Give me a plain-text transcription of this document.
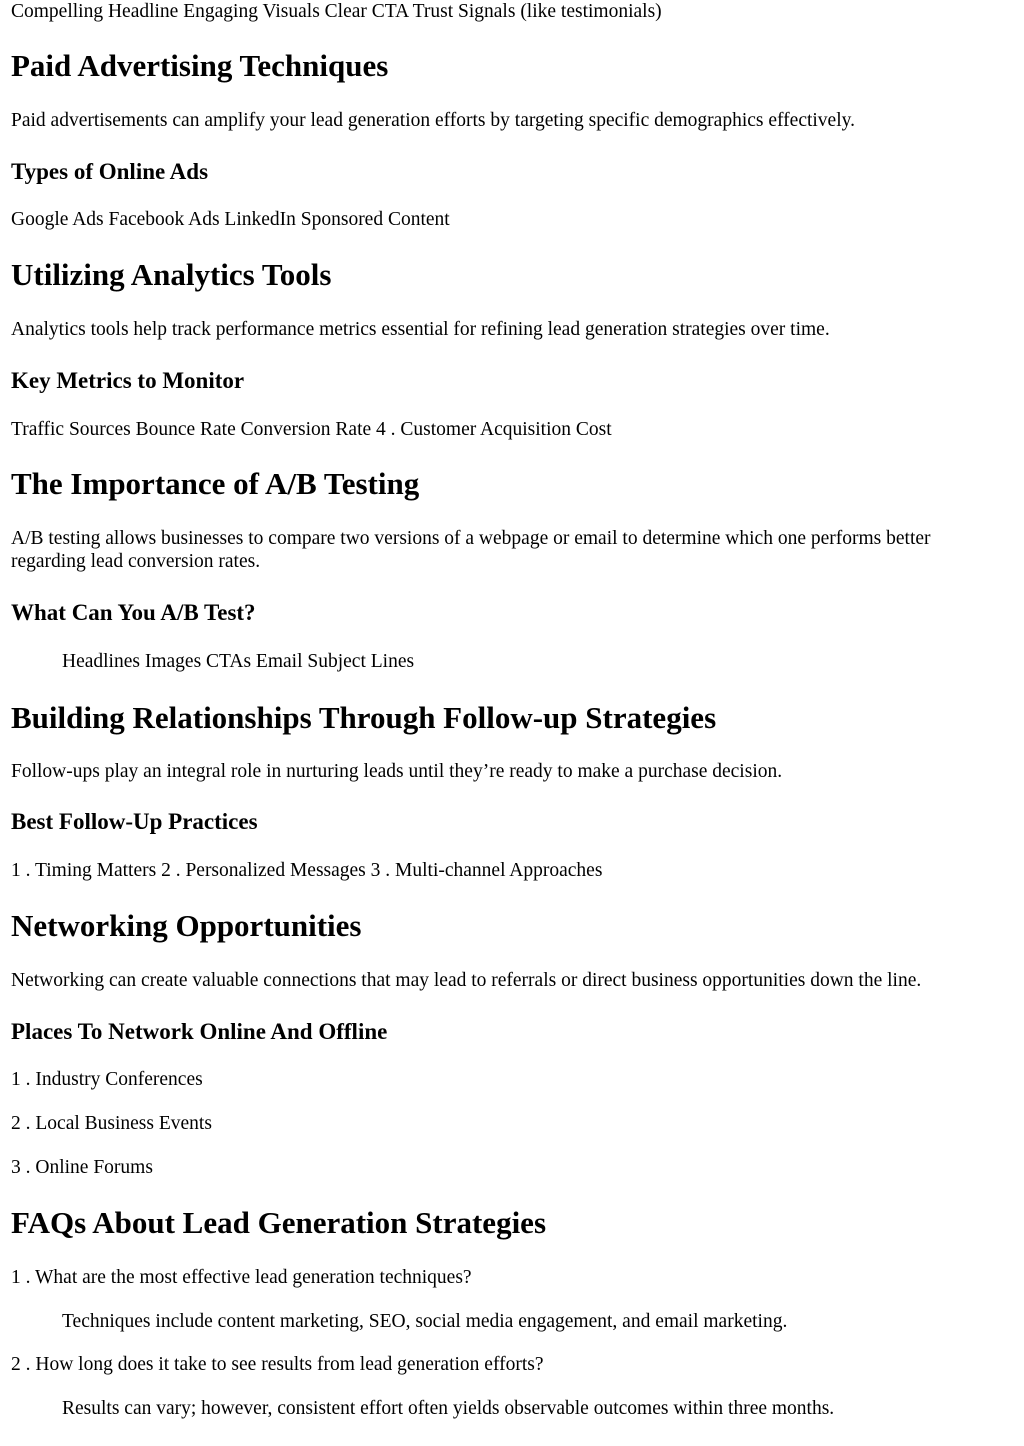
Compelling Headline Engaging Visuals Clear CTA Trust Signals (like testimonials)

Paid Advertising Techniques

Paid advertisements can amplify your lead generation efforts by targeting specific demographics effectively.

Types of Online Ads

Google Ads Facebook Ads LinkedIn Sponsored Content

Utilizing Analytics Tools

Analytics tools help track performance metrics essential for refining lead generation strategies over time.

Key Metrics to Monitor

Traffic Sources Bounce Rate Conversion Rate 4 . Customer Acquisition Cost

The Importance of A/B Testing

A/B testing allows businesses to compare two versions of a webpage or email to determine which one performs better regarding lead conversion rates.

What Can You A/B Test?

Headlines Images CTAs Email Subject Lines

Building Relationships Through Follow-up Strategies

Follow-ups play an integral role in nurturing leads until they’re ready to make a purchase decision.

Best Follow-Up Practices

1 . Timing Matters 2 . Personalized Messages 3 . Multi-channel Approaches

Networking Opportunities

Networking can create valuable connections that may lead to referrals or direct business opportunities down the line.

Places To Network Online And Offline

1 . Industry Conferences

2 . Local Business Events

3 . Online Forums

FAQs About Lead Generation Strategies

1 . What are the most effective lead generation techniques?

Techniques include content marketing, SEO, social media engagement, and email marketing.

2 . How long does it take to see results from lead generation efforts?

Results can vary; however, consistent effort often yields observable outcomes within three months.
